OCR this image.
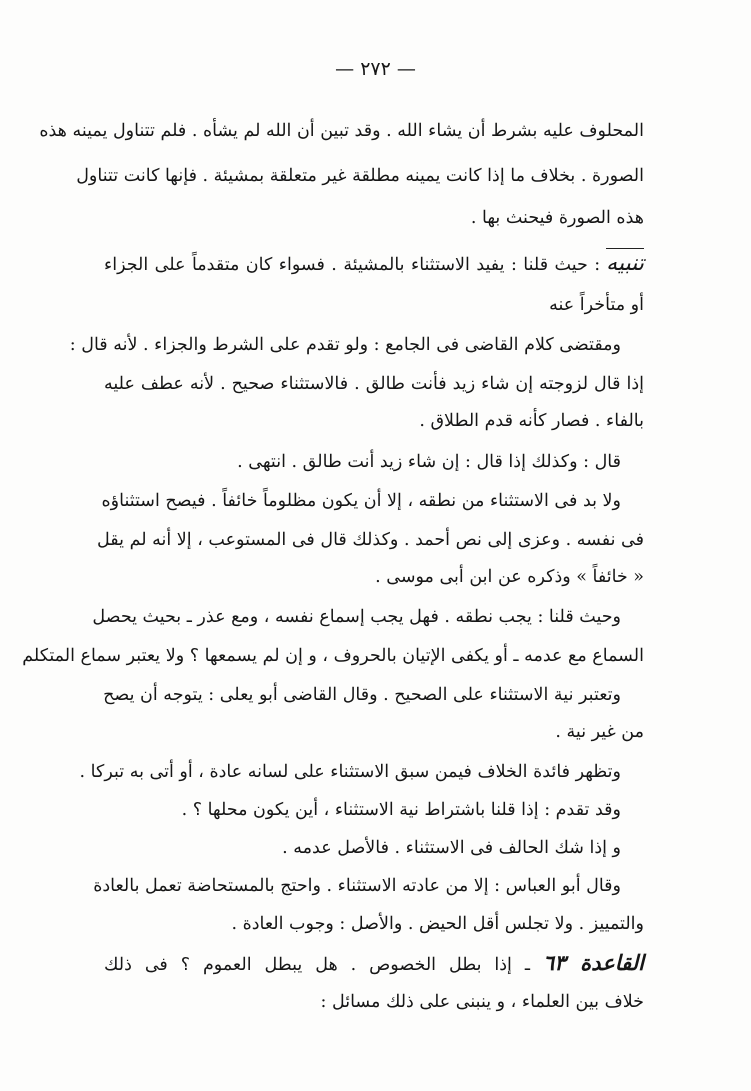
— ٢٧٢ —
المحلوف عليه بشرط أن يشاء الله . وقد تبين أن الله لم يشأه . فلم تتناول يمينه هذه
الصورة . بخلاف ما إذا كانت يمينه مطلقة غير متعلقة بمشيئة . فإنها كانت تتناول
هذه الصورة فيحنث بها .
تنبيه: حيث قلنا : يفيد الاستثناء بالمشيئة . فسواء كان متقدماً على الجزاء
أو متأخراً عنه
ومقتضى كلام القاضى فى الجامع : ولو تقدم على الشرط والجزاء . لأنه قال :
إذا قال لزوجته إن شاء زيد فأنت طالق . فالاستثناء صحيح . لأنه عطف عليه
بالفاء . فصار كأنه قدم الطلاق .
قال : وكذلك إذا قال : إن شاء زيد أنت طالق . انتهى .
ولا بد فى الاستثناء من نطقه ، إلا أن يكون مظلوماً خائفاً . فيصح استثناؤه
فى نفسه . وعزى إلى نص أحمد . وكذلك قال فى المستوعب ، إلا أنه لم يقل
« خائفاً » وذكره عن ابن أبى موسى .
وحيث قلنا : يجب نطقه . فهل يجب إسماع نفسه ، ومع عذر ـ بحيث يحصل
السماع مع عدمه ـ أو يكفى الإتيان بالحروف ، و إن لم يسمعها ؟ ولا يعتبر سماع المتكلم
وتعتبر نية الاستثناء على الصحيح . وقال القاضى أبو يعلى : يتوجه أن يصح
من غير نية .
وتظهر فائدة الخلاف فيمن سبق الاستثناء على لسانه عادة ، أو أتى به تبركا .
وقد تقدم : إذا قلنا باشتراط نية الاستثناء ، أين يكون محلها ؟ .
و إذا شك الحالف فى الاستثناء . فالأصل عدمه .
وقال أبو العباس : إلا من عادته الاستثناء . واحتج بالمستحاضة تعمل بالعادة
والتمييز . ولا تجلس أقل الحيض . والأصل : وجوب العادة .
القاعدة ٦٣ ـ إذا بطل الخصوص . هل يبطل العموم ؟ فى ذلك
خلاف بين العلماء ، و ينبنى على ذلك مسائل :
